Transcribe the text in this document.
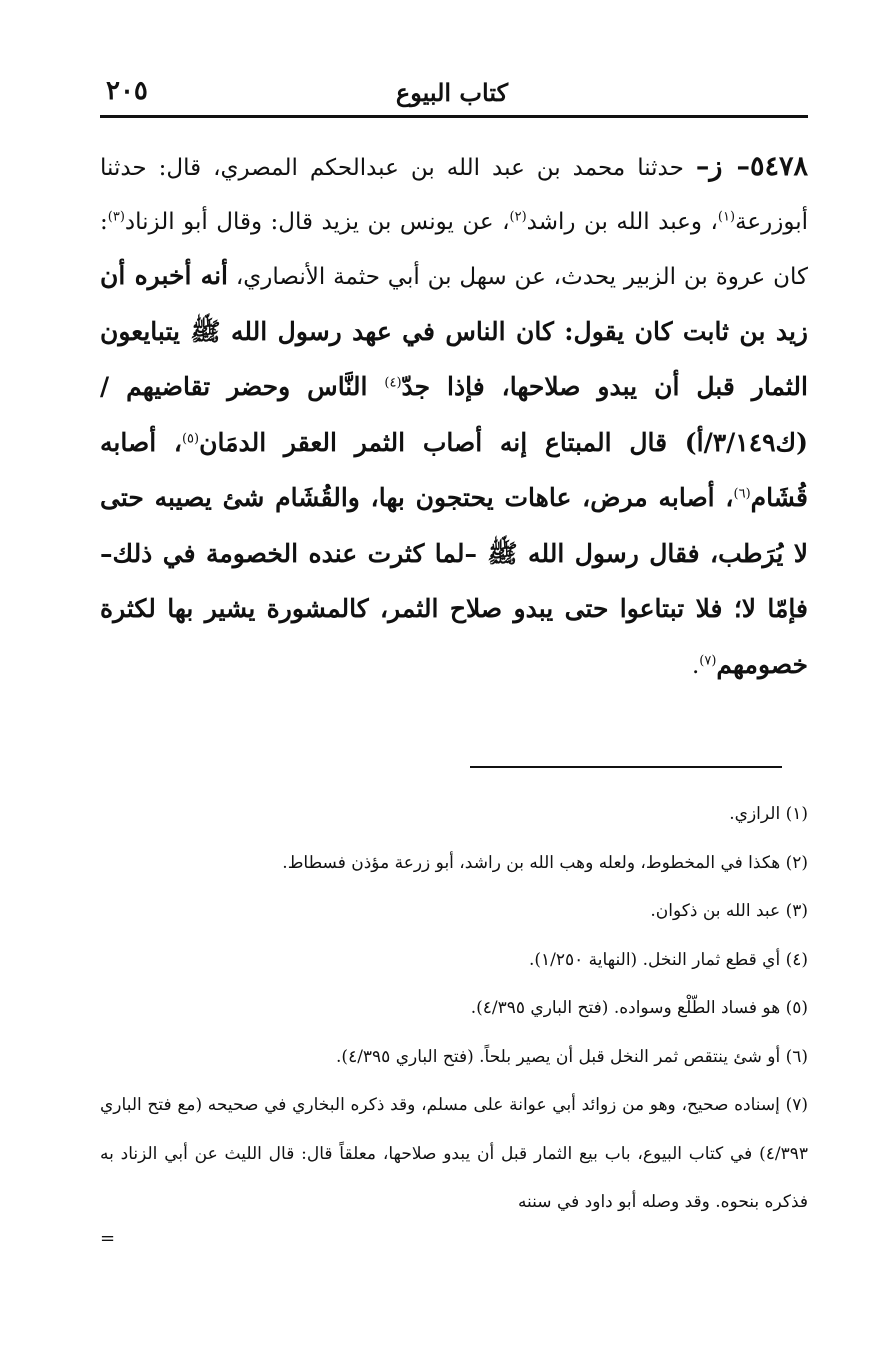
كتاب البيوع
٢٠٥

٥٤٧٨– ز– حدثنا محمد بن عبد الله بن عبدالحكم المصري، قال: حدثنا أبوزرعة$^{(١)}$، وعبد الله بن راشد$^{(٢)}$، عن يونس بن يزيد قال: وقال أبو الزناد$^{(٣)}$: كان عروة بن الزبير يحدث، عن سهل بن أبي حثمة الأنصاري، أنه أخبره أن زيد بن ثابت كان يقول: كان الناس في عهد رسول الله ﷺ يتبايعون الثمار قبل أن يبدو صلاحها، فإذا جدّ$^{(٤)}$ النَّاس وحضر تقاضيهم / (ك٣/١٤٩/أ) قال المبتاع إنه أصاب الثمر العقر الدمَان$^{(٥)}$، أصابه قُشَام$^{(٦)}$، أصابه مرض، عاهات يحتجون بها، والقُشَام شئ يصيبه حتى لا يُرَطب، فقال رسول الله ﷺ –لما كثرت عنده الخصومة في ذلك– فإمّا لا؛ فلا تبتاعوا حتى يبدو صلاح الثمر، كالمشورة يشير بها لكثرة خصومهم$^{(٧)}$.

(١) الرازي.

(٢) هكذا في المخطوط، ولعله وهب الله بن راشد، أبو زرعة مؤذن فسطاط.

(٣) عبد الله بن ذكوان.

(٤) أي قطع ثمار النخل. (النهاية ١/٢٥٠).

(٥) هو فساد الطّلْع وسواده. (فتح الباري ٤/٣٩٥).

(٦) أو شئ ينتقص ثمر النخل قبل أن يصير بلحاً. (فتح الباري ٤/٣٩٥).

(٧) إسناده صحيح، وهو من زوائد أبي عوانة على مسلم، وقد ذكره البخاري في صحيحه (مع فتح الباري ٤/٣٩٣) في كتاب البيوع، باب بيع الثمار قبل أن يبدو صلاحها، معلقاً قال: قال الليث عن أبي الزناد به فذكره بنحوه. وقد وصله أبو داود في سننه

=
